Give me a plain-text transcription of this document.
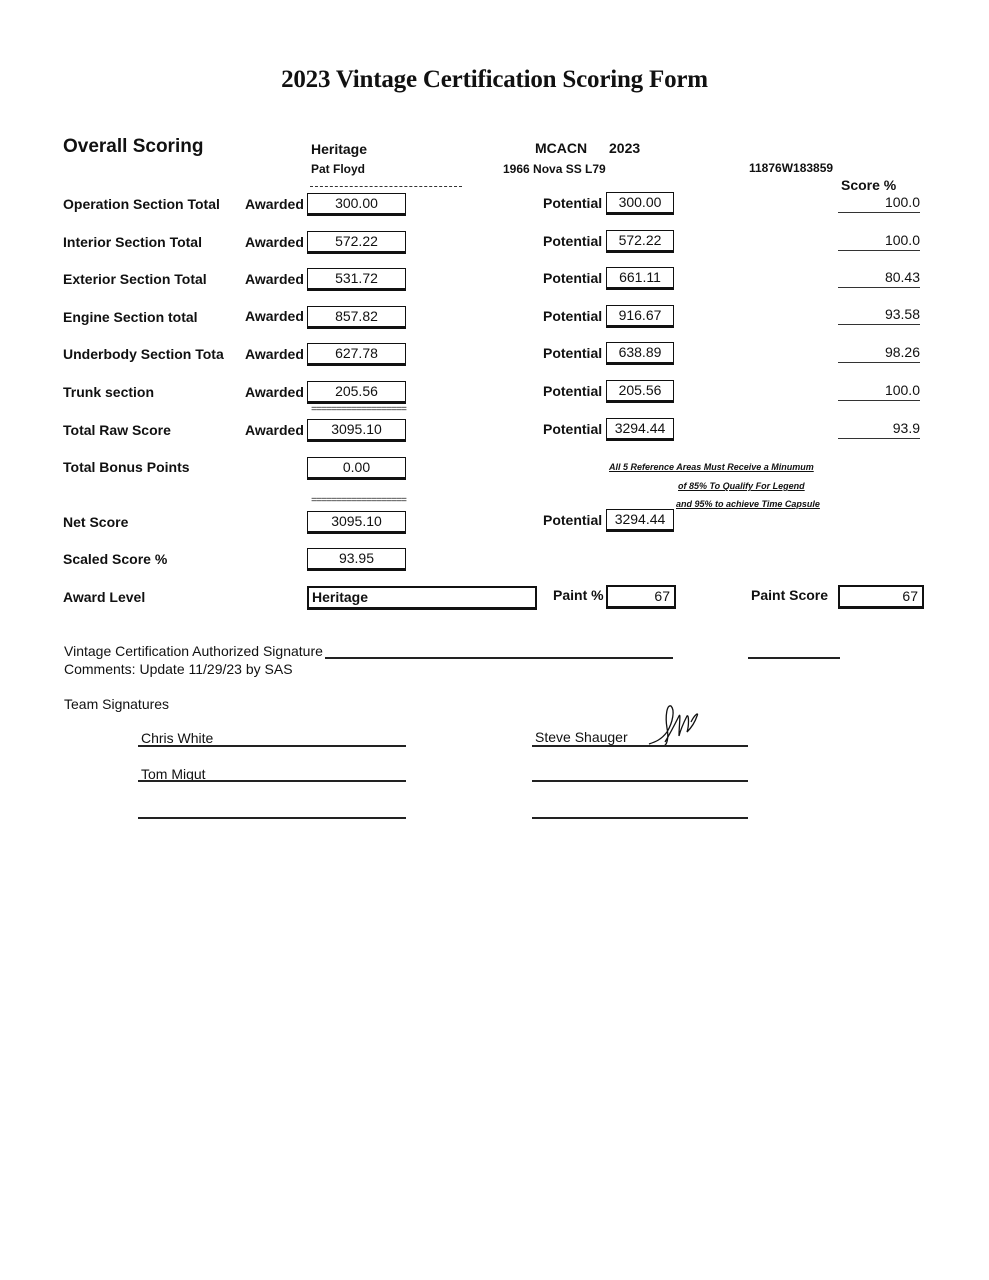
2023 Vintage Certification Scoring Form
Overall Scoring	Heritage
Pat Floyd
MCACN 2023
1966 Nova SS L79	11876W183859
Score %
Operation Section Total Awarded	300.00	Potential	300.00	100.0
Interior Section Total	Awarded	572.22	Potential	572.22	100.0
Exterior Section Total	Awarded	531.72	Potential	661.11	80.43
Engine Section total	Awarded	857.82	Potential	916.67	93.58
Underbody Section Tota Awarded	627.78	Potential	638.89	98.26
Trunk section	Awarded	205.56	Potential	205.56	100.0
===================
Total Raw Score	Awarded	3095.10	Potential 3294.44	93.9
Total Bonus Points	0.00	All 5 Reference Areas Must Receive a Minumum
of 85% To Qualify For Legend
and 95% to achieve Time Capsule
===================
Net Score	3095.10	Potential 3294.44
Scaled Score %	93.95
Award Level	Heritage	Paint %	67	Paint Score	67
Vintage Certification Authorized Signature
Comments: Update 11/29/23 by SAS
Team Signatures
Chris White	Steve Shauger
Tom Migut
